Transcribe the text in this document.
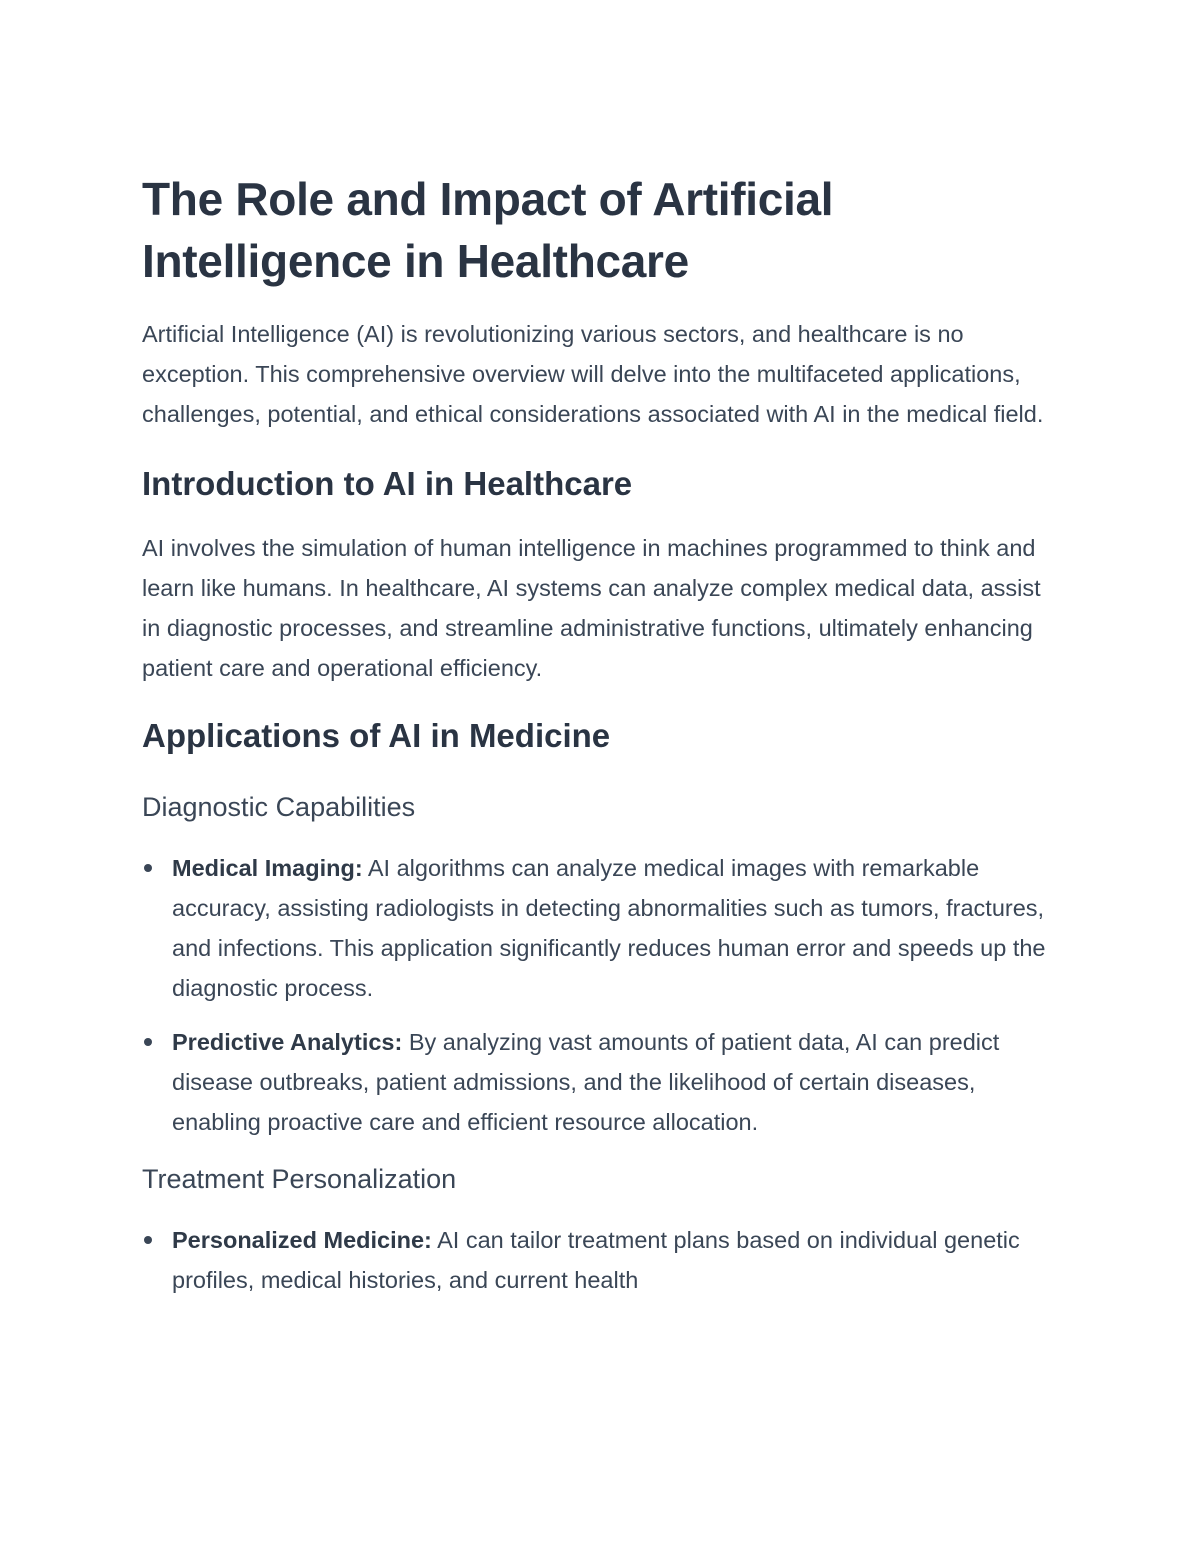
The Role and Impact of Artificial Intelligence in Healthcare

Artificial Intelligence (AI) is revolutionizing various sectors, and healthcare is no exception. This comprehensive overview will delve into the multifaceted applications, challenges, potential, and ethical considerations associated with AI in the medical field.

Introduction to AI in Healthcare

AI involves the simulation of human intelligence in machines programmed to think and learn like humans. In healthcare, AI systems can analyze complex medical data, assist in diagnostic processes, and streamline administrative functions, ultimately enhancing patient care and operational efficiency.

Applications of AI in Medicine
Diagnostic Capabilities
Medical Imaging: AI algorithms can analyze medical images with remarkable accuracy, assisting radiologists in detecting abnormalities such as tumors, fractures, and infections. This application significantly reduces human error and speeds up the diagnostic process.
Predictive Analytics: By analyzing vast amounts of patient data, AI can predict disease outbreaks, patient admissions, and the likelihood of certain diseases, enabling proactive care and efficient resource allocation.
Treatment Personalization
Personalized Medicine: AI can tailor treatment plans based on individual genetic profiles, medical histories, and current health
